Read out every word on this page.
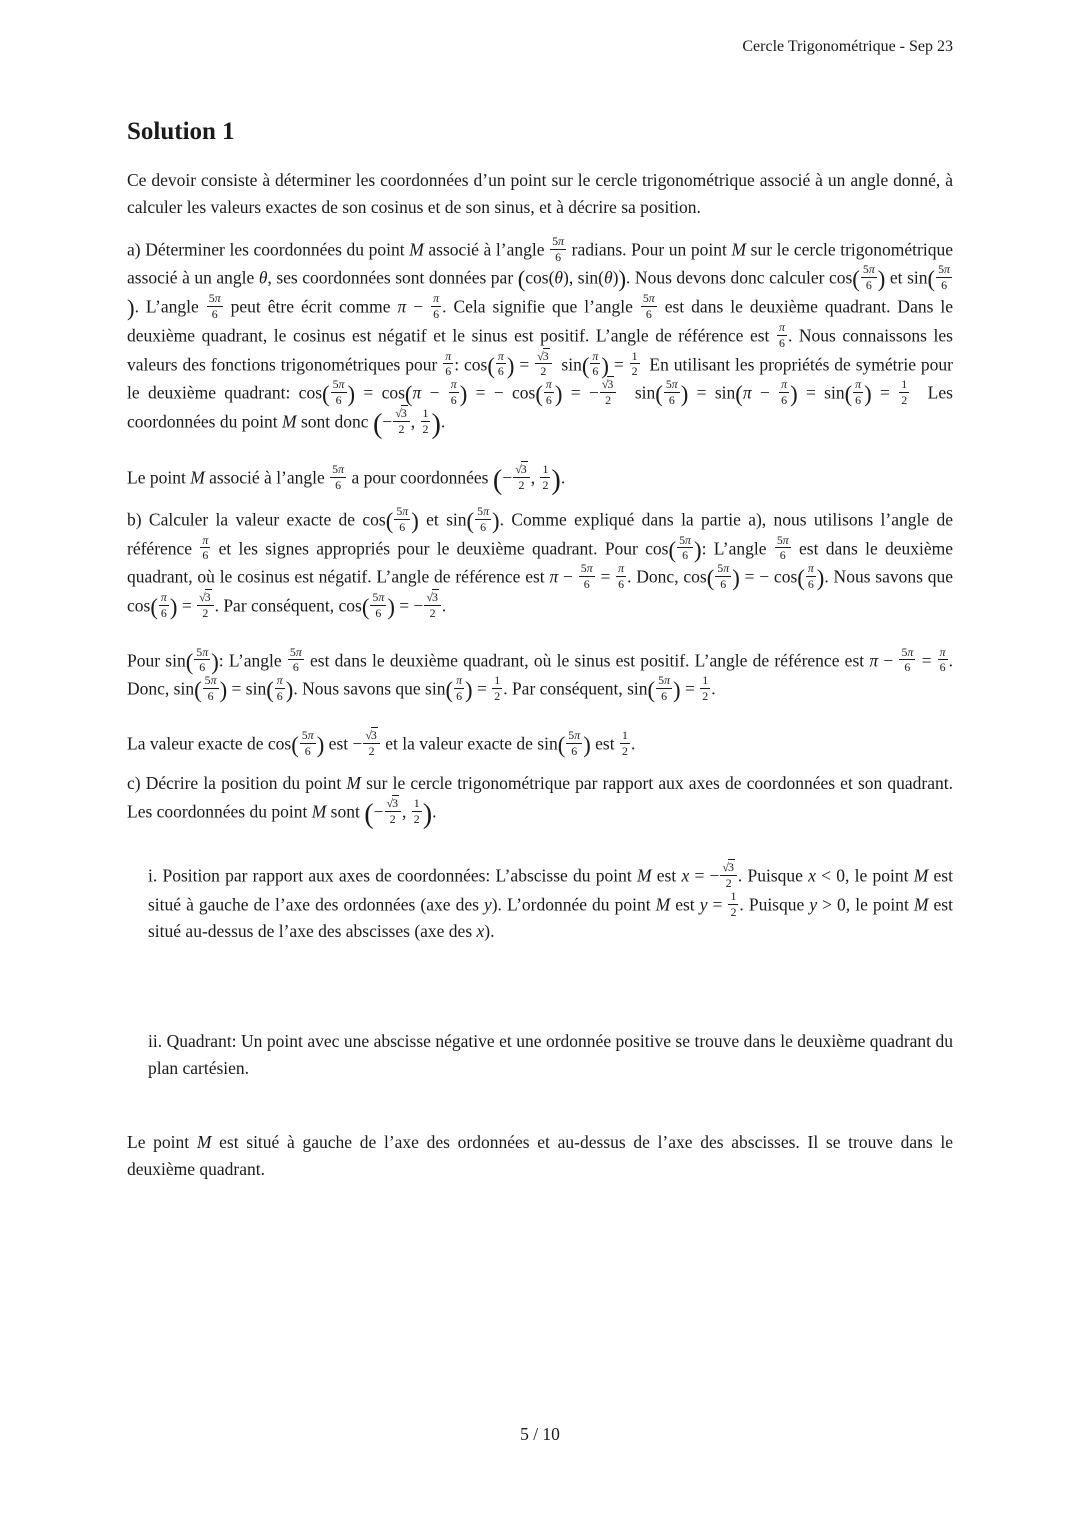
Cercle Trigonométrique - Sep 23
Solution 1

Ce devoir consiste à déterminer les coordonnées d’un point sur le cercle trigonométrique associé à un angle donné, à calculer les valeurs exactes de son cosinus et de son sinus, et à décrire sa position.

a) Déterminer les coordonnées du point M associé à l’angle $\frac{5\pi}{6}$ radians. Pour un point M sur le cercle trigonométrique associé à un angle θ, ses coordonnées sont données par (cos(θ), sin(θ)). Nous devons donc calculer $\cos( \frac{5\pi}{6}$ ) et $\sin( \frac{5\pi}{6}$
). L’angle $\frac{5\pi}{6}$ peut être écrit comme $\pi - \frac{\pi}{6}$ . Cela signifie que l’angle $\frac{5\pi}{6}$ est dans le deuxième quadrant. Dans le deuxième quadrant, le cosinus est négatif et le sinus est positif. L’angle de référence est $\frac{\pi}{6}$ . Nous connaissons les valeurs des fonctions trigonométriques pour $\frac{\pi}{6}$ : $\cos( \frac{\pi}{6}$ ) = $\frac{√3}{2}$  $\sin( \frac{\pi}{6}$ ) = $\frac{1}{2}$  En utilisant les propriétés de symétrie pour le deuxième quadrant: $\cos( \frac{5\pi}{6}$ ) = $\cos(\pi - \frac{\pi}{6}$ ) = − $\cos( \frac{\pi}{6}$ ) = − $\frac{√3}{2}$  $\sin( \frac{5\pi}{6}$ ) = $\sin(\pi - \frac{\pi}{6}$ ) = $\sin( \frac{\pi}{6}$ ) = $\frac{1}{2}$  Les coordonnées du point M sont donc (− $\frac{√3}{2}$ , $\frac{1}{2}$ ).

Le point M associé à l’angle $\frac{5\pi}{6}$ a pour coordonnées (− $\frac{√3}{2}$ , $\frac{1}{2}$ ).

b) Calculer la valeur exacte de $\cos( \frac{5\pi}{6}$ ) et $\sin( \frac{5\pi}{6}$ ). Comme expliqué dans la partie a), nous utilisons l’angle de référence $\frac{\pi}{6}$ et les signes appropriés pour le deuxième quadrant. Pour $\cos( \frac{5\pi}{6}$ ): L’angle $\frac{5\pi}{6}$ est dans le deuxième quadrant, où le cosinus est négatif. L’angle de référence est $\pi - \frac{5\pi}{6} = \frac{\pi}{6}$ . Donc, $\cos( \frac{5\pi}{6}$ ) = − $\cos( \frac{\pi}{6}$ ). Nous savons que $\cos( \frac{\pi}{6}$ ) = $\frac{√3}{2}$ . Par conséquent, $\cos( \frac{5\pi}{6}$ ) = − $\frac{√3}{2}$ .

Pour $\sin( \frac{5\pi}{6}$ ): L’angle $\frac{5\pi}{6}$ est dans le deuxième quadrant, où le sinus est positif. L’angle de référence est $\pi - \frac{5\pi}{6} = \frac{\pi}{6}$ . Donc, $\sin( \frac{5\pi}{6}$ ) = $\sin( \frac{\pi}{6}$ ). Nous savons que $\sin( \frac{\pi}{6}$ ) = $\frac{1}{2}$ . Par conséquent, $\sin( \frac{5\pi}{6}$ ) = $\frac{1}{2}$ .

La valeur exacte de $\cos( \frac{5\pi}{6}$ ) est − $\frac{√3}{2}$ et la valeur exacte de $\sin( \frac{5\pi}{6}$ ) est $\frac{1}{2}$ .

c) Décrire la position du point M sur le cercle trigonométrique par rapport aux axes de coordonnées et son quadrant. Les coordonnées du point M sont (− $\frac{√3}{2}$ , $\frac{1}{2}$ ).

i. Position par rapport aux axes de coordonnées: L’abscisse du point M est x = − $\frac{√3}{2}$ . Puisque x < 0, le point M est situé à gauche de l’axe des ordonnées (axe des y). L’ordonnée du point M est $y = \frac{1}{2}$ . Puisque y > 0, le point M est situé au-dessus de l’axe des abscisses (axe des x).

ii. Quadrant: Un point avec une abscisse négative et une ordonnée positive se trouve dans le deuxième quadrant du plan cartésien.

Le point M est situé à gauche de l’axe des ordonnées et au-dessus de l’axe des abscisses. Il se trouve dans le deuxième quadrant.

5 / 10
